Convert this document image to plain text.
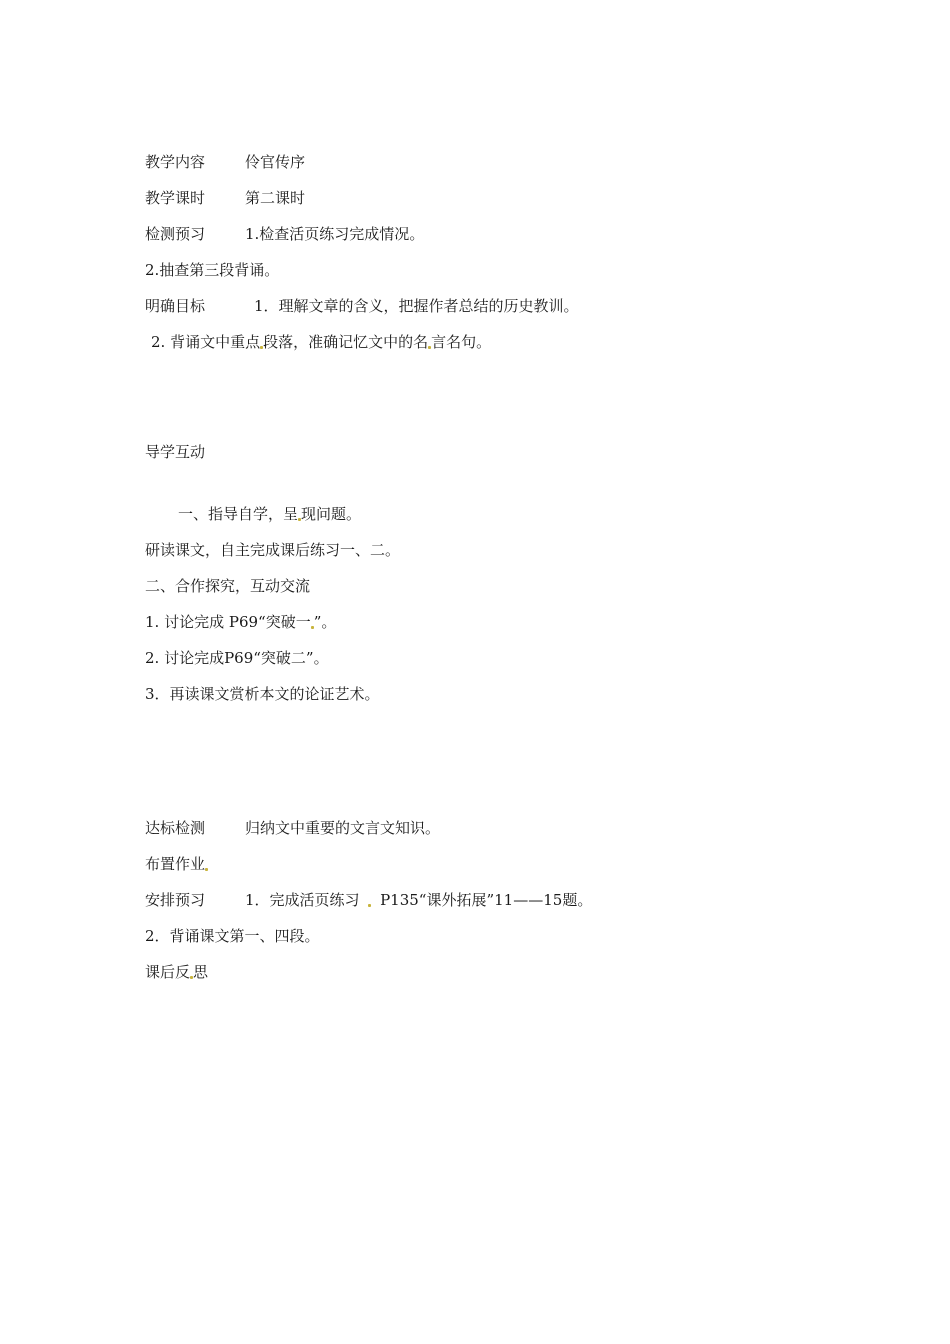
教学内容	伶官传序
教学课时	第二课时
检测预习	1.检查活页练习完成情况。
2.抽查第三段背诵。
明确目标	1．理解文章的含义，把握作者总结的历史教训。
2. 背诵文中重点 段落，准确记忆文中的名 言名句。
导学互动
一、指导自学，呈 现问题。
研读课文，自主完成课后练习一、二。
二、合作探究，互动交流
1. 讨论完成 P69“突破一 ”。
2. 讨论完成P69“突破二”。
3．再读课文赏析本文的论证艺术。
达标检测	归纳文中重要的文言文知识。
布置作业
安排预习	1．完成活页练习  P135“课外拓展”11——15题。
2．背诵课文第一、四段。
课后反 思
